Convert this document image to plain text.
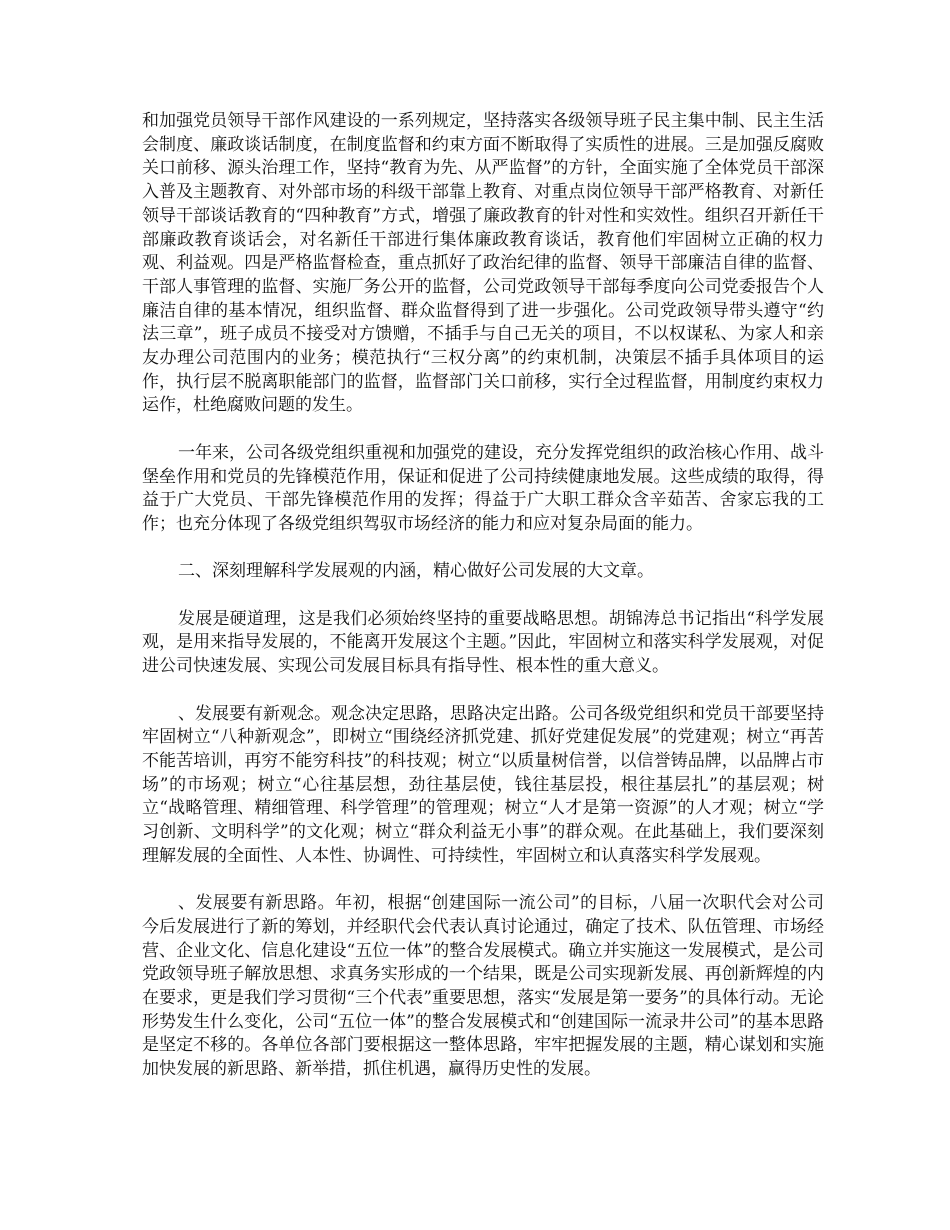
和加强党员领导干部作风建设的一系列规定，坚持落实各级领导班子民主集中制、民主生活会制度、廉政谈话制度，在制度监督和约束方面不断取得了实质性的进展。三是加强反腐败关口前移、源头治理工作，坚持“教育为先、从严监督”的方针，全面实施了全体党员干部深入普及主题教育、对外部市场的科级干部靠上教育、对重点岗位领导干部严格教育、对新任领导干部谈话教育的“四种教育”方式，增强了廉政教育的针对性和实效性。组织召开新任干部廉政教育谈话会，对名新任干部进行集体廉政教育谈话，教育他们牢固树立正确的权力观、利益观。四是严格监督检查，重点抓好了政治纪律的监督、领导干部廉洁自律的监督、干部人事管理的监督、实施厂务公开的监督，公司党政领导干部每季度向公司党委报告个人廉洁自律的基本情况，组织监督、群众监督得到了进一步强化。公司党政领导带头遵守“约法三章”，班子成员不接受对方馈赠，不插手与自己无关的项目，不以权谋私、为家人和亲友办理公司范围内的业务；模范执行“三权分离”的约束机制，决策层不插手具体项目的运作，执行层不脱离职能部门的监督，监督部门关口前移，实行全过程监督，用制度约束权力运作，杜绝腐败问题的发生。

一年来，公司各级党组织重视和加强党的建设，充分发挥党组织的政治核心作用、战斗堡垒作用和党员的先锋模范作用，保证和促进了公司持续健康地发展。这些成绩的取得，得益于广大党员、干部先锋模范作用的发挥；得益于广大职工群众含辛茹苦、舍家忘我的工作；也充分体现了各级党组织驾驭市场经济的能力和应对复杂局面的能力。

二、深刻理解科学发展观的内涵，精心做好公司发展的大文章。

发展是硬道理，这是我们必须始终坚持的重要战略思想。胡锦涛总书记指出“科学发展观，是用来指导发展的，不能离开发展这个主题。”因此，牢固树立和落实科学发展观，对促进公司快速发展、实现公司发展目标具有指导性、根本性的重大意义。

、发展要有新观念。观念决定思路，思路决定出路。公司各级党组织和党员干部要坚持牢固树立“八种新观念”，即树立“围绕经济抓党建、抓好党建促发展”的党建观；树立“再苦不能苦培训，再穷不能穷科技”的科技观；树立“以质量树信誉，以信誉铸品牌，以品牌占市场”的市场观；树立“心往基层想，劲往基层使，钱往基层投，根往基层扎”的基层观；树立“战略管理、精细管理、科学管理”的管理观；树立“人才是第一资源”的人才观；树立“学习创新、文明科学”的文化观；树立“群众利益无小事”的群众观。在此基础上，我们要深刻理解发展的全面性、人本性、协调性、可持续性，牢固树立和认真落实科学发展观。

、发展要有新思路。年初，根据“创建国际一流公司”的目标，八届一次职代会对公司今后发展进行了新的筹划，并经职代会代表认真讨论通过，确定了技术、队伍管理、市场经营、企业文化、信息化建设“五位一体”的整合发展模式。确立并实施这一发展模式，是公司党政领导班子解放思想、求真务实形成的一个结果，既是公司实现新发展、再创新辉煌的内在要求，更是我们学习贯彻“三个代表”重要思想，落实“发展是第一要务”的具体行动。无论形势发生什么变化，公司“五位一体”的整合发展模式和“创建国际一流录井公司”的基本思路是坚定不移的。各单位各部门要根据这一整体思路，牢牢把握发展的主题，精心谋划和实施加快发展的新思路、新举措，抓住机遇，赢得历史性的发展。
